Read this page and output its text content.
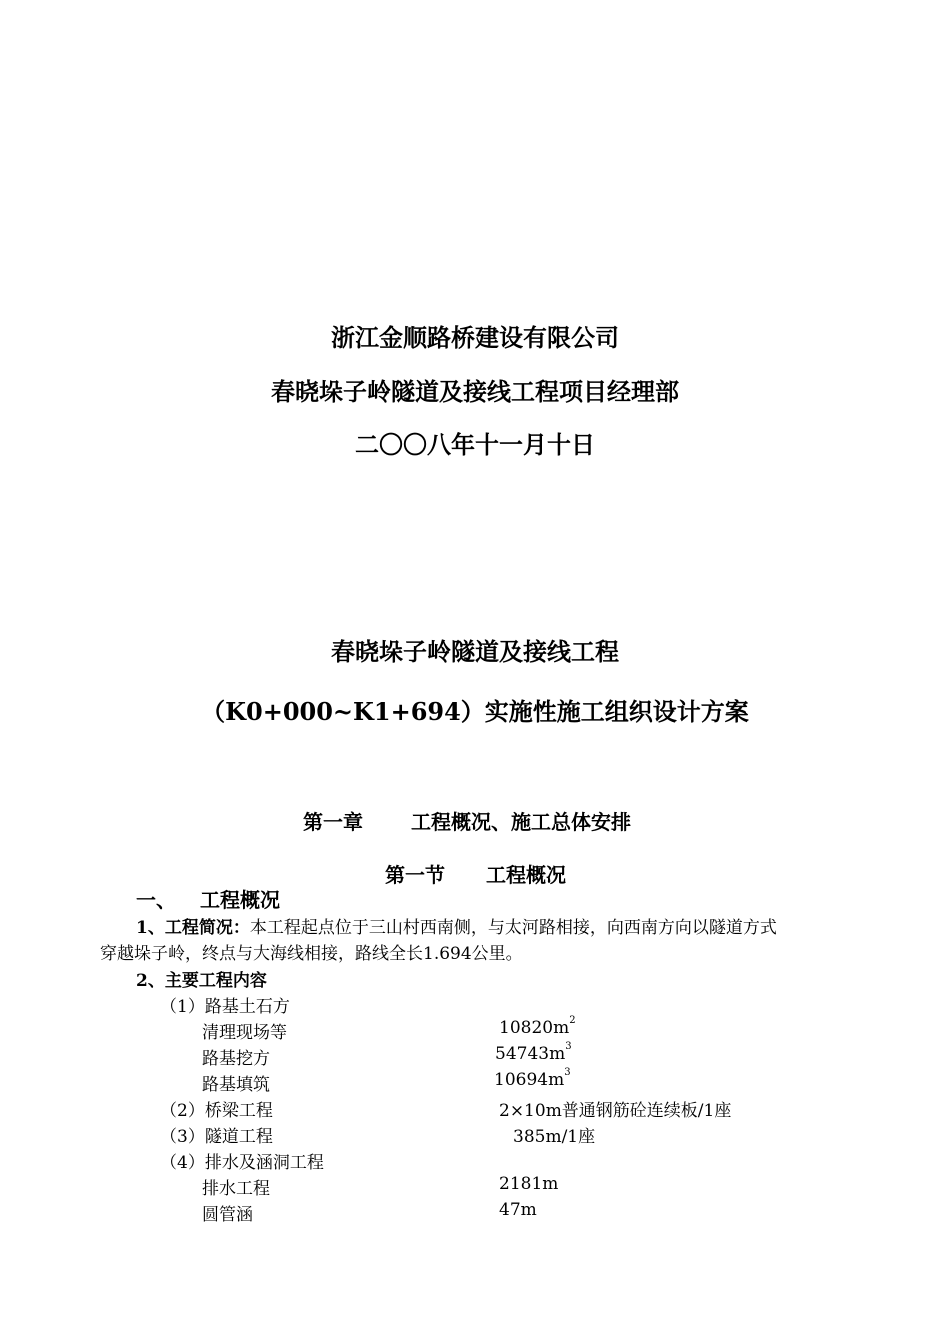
浙江金顺路桥建设有限公司
春晓垛子岭隧道及接线工程项目经理部
二〇〇八年十一月十日
春晓垛子岭隧道及接线工程
（K0+000~K1+694）实施性施工组织设计方案
第一章 工程概况、施工总体安排
第一节 工程概况
一、 工程概况
1、工程简况：本工程起点位于三山村西南侧，与太河路相接，向西南方向以隧道方式
穿越垛子岭，终点与大海线相接，路线全长1.694公里。
2、主要工程内容
（1）路基土石方
清理现场等	$10820m^2$
路基挖方	$54743m^3$
路基填筑	$10694m^3$
（2）桥梁工程	2×10m普通钢筋砼连续板/1座
（3）隧道工程	385m/1座
（4）排水及涵洞工程
排水工程	2181m
圆管涵	47m
